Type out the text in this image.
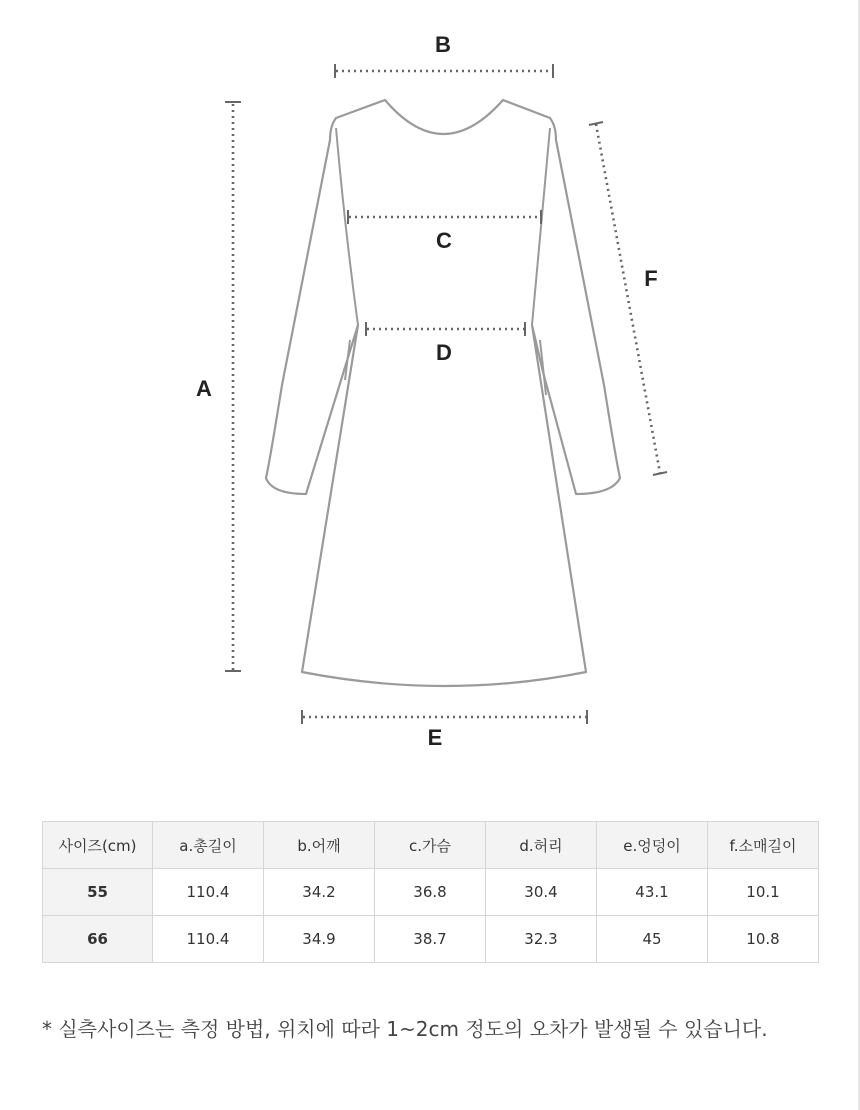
A
B
C
D
E
F
사이즈(cm)	a.총길이	b.어깨	c.가슴	d.허리	e.엉덩이	f.소매길이
55	110.4	34.2	36.8	30.4	43.1	10.1
66	110.4	34.9	38.7	32.3	45	10.8

* 실측사이즈는 측정 방법, 위치에 따라 1~2cm 정도의 오차가 발생될 수 있습니다.
